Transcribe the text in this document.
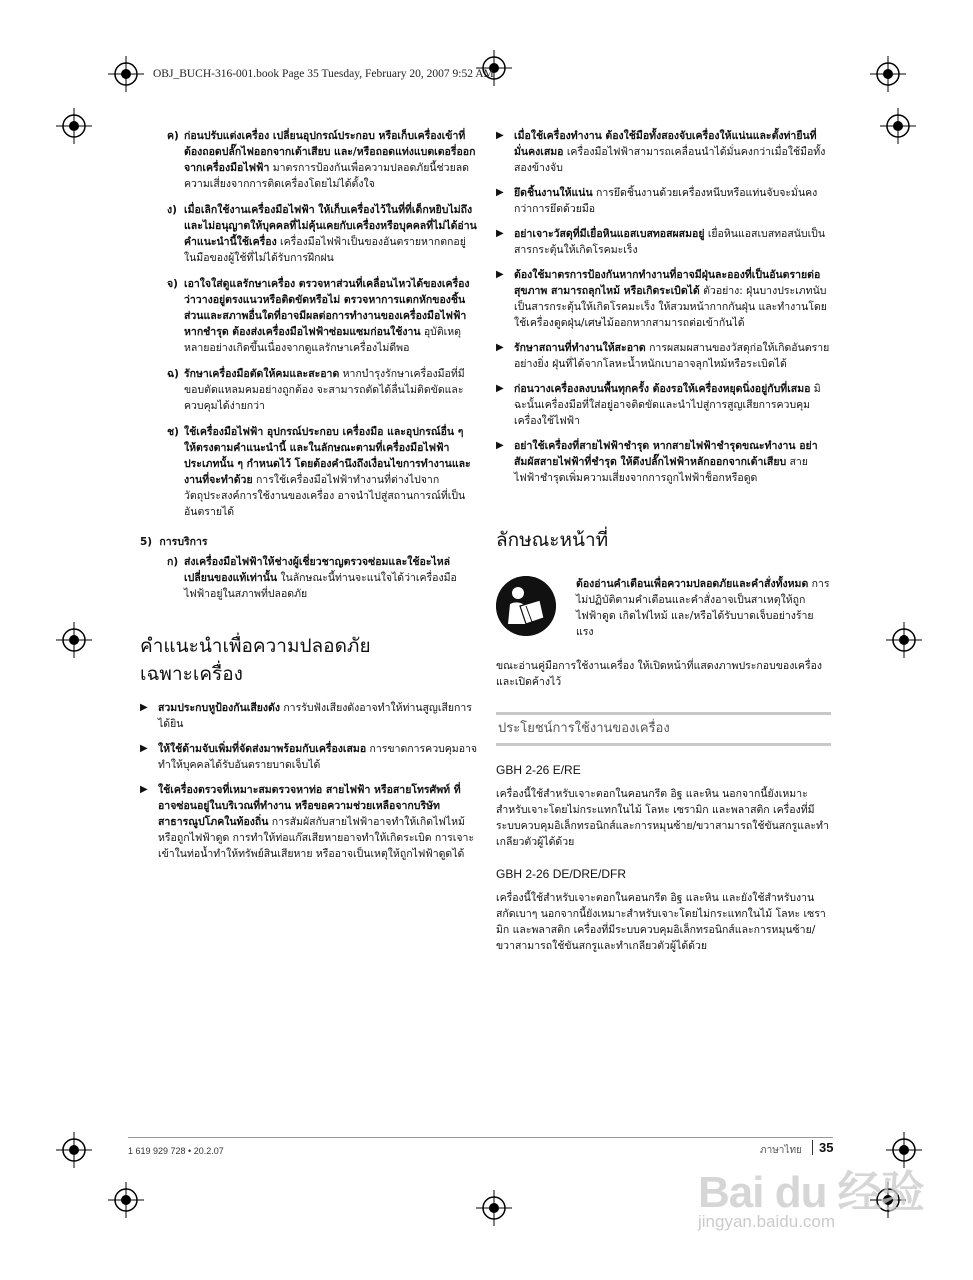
OBJ_BUCH-316-001.book Page 35 Tuesday, February 20, 2007 9:52 AM
ค) ก่อนปรับแต่งเครื่อง เปลี่ยนอุปกรณ์ประกอบ หรือเก็บเครื่องเข้าที่ ต้องถอดปลั๊กไฟออกจากเต้าเสียบ และ/หรือถอดแท่งแบตเตอรี่ออกจากเครื่องมือไฟฟ้า มาตรการป้องกันเพื่อความปลอดภัยนี้ช่วยลดความเสี่ยงจากการติดเครื่องโดยไม่ได้ตั้งใจ
ง) เมื่อเลิกใช้งานเครื่องมือไฟฟ้า ให้เก็บเครื่องไว้ในที่ที่เด็กหยิบไม่ถึง และไม่อนุญาตให้บุคคลที่ไม่คุ้นเคยกับเครื่องหรือบุคคลที่ไม่ได้อ่านคำแนะนำนี้ใช้เครื่อง เครื่องมือไฟฟ้าเป็นของอันตรายหากตกอยู่ในมือของผู้ใช้ที่ไม่ได้รับการฝึกฝน
จ) เอาใจใส่ดูแลรักษาเครื่อง ตรวจหาส่วนที่เคลื่อนไหวได้ของเครื่องว่าวางอยู่ตรงแนวหรือติดขัดหรือไม่ ตรวจหาการแตกหักของชิ้นส่วนและสภาพอื่นใดที่อาจมีผลต่อการทำงานของเครื่องมือไฟฟ้า หากชำรุด ต้องส่งเครื่องมือไฟฟ้าซ่อมแซมก่อนใช้งาน อุบัติเหตุหลายอย่างเกิดขึ้นเนื่องจากดูแลรักษาเครื่องไม่ดีพอ
ฉ) รักษาเครื่องมือตัดให้คมและสะอาด หากบำรุงรักษาเครื่องมือที่มีขอบตัดแหลมคมอย่างถูกต้อง จะสามารถตัดได้ลื่นไม่ติดขัดและควบคุมได้ง่ายกว่า
ช) ใช้เครื่องมือไฟฟ้า อุปกรณ์ประกอบ เครื่องมือ และอุปกรณ์อื่น ๆ ให้ตรงตามคำแนะนำนี้ และในลักษณะตามที่เครื่องมือไฟฟ้าประเภทนั้น ๆ กำหนดไว้ โดยต้องคำนึงถึงเงื่อนไขการทำงานและงานที่จะทำด้วย การใช้เครื่องมือไฟฟ้าทำงานที่ต่างไปจากวัตถุประสงค์การใช้งานของเครื่อง อาจนำไปสู่สถานการณ์ที่เป็นอันตรายได้
5) การบริการ
ก) ส่งเครื่องมือไฟฟ้าให้ช่างผู้เชี่ยวชาญตรวจซ่อมและใช้อะไหล่เปลี่ยนของแท้เท่านั้น ในลักษณะนี้ท่านจะแน่ใจได้ว่าเครื่องมือไฟฟ้าอยู่ในสภาพที่ปลอดภัย
คำแนะนำเพื่อความปลอดภัย
เฉพาะเครื่อง
▶ สวมประกบหูป้องกันเสียงดัง การรับฟังเสียงดังอาจทำให้ท่านสูญเสียการได้ยิน
▶ ให้ใช้ด้ามจับเพิ่มที่จัดส่งมาพร้อมกับเครื่องเสมอ การขาดการควบคุมอาจทำให้บุคคลได้รับอันตรายบาดเจ็บได้
▶ ใช้เครื่องตรวจที่เหมาะสมตรวจหาท่อ สายไฟฟ้า หรือสายโทรศัพท์ ที่อาจซ่อนอยู่ในบริเวณที่ทำงาน หรือขอความช่วยเหลือจากบริษัทสาธารณูปโภคในท้องถิ่น การสัมผัสกับสายไฟฟ้าอาจทำให้เกิดไฟไหม้หรือถูกไฟฟ้าดูด การทำให้ท่อแก๊สเสียหายอาจทำให้เกิดระเบิด การเจาะเข้าในท่อน้ำทำให้ทรัพย์สินเสียหาย หรืออาจเป็นเหตุให้ถูกไฟฟ้าดูดได้
▶ เมื่อใช้เครื่องทำงาน ต้องใช้มือทั้งสองจับเครื่องให้แน่นและตั้งท่ายืนที่มั่นคงเสมอ เครื่องมือไฟฟ้าสามารถเคลื่อนนำได้มั่นคงกว่าเมื่อใช้มือทั้งสองข้างจับ
▶ ยึดชิ้นงานให้แน่น การยึดชิ้นงานด้วยเครื่องหนีบหรือแท่นจับจะมั่นคงกว่าการยึดด้วยมือ
▶ อย่าเจาะวัสดุที่มีเยื่อหินแอสเบสทอสผสมอยู่ เยื่อหินแอสเบสทอสนับเป็นสารกระตุ้นให้เกิดโรคมะเร็ง
▶ ต้องใช้มาตรการป้องกันหากทำงานที่อาจมีฝุ่นละอองที่เป็นอันตรายต่อสุขภาพ สามารถลุกไหม้ หรือเกิดระเบิดได้ ตัวอย่าง: ฝุ่นบางประเภทนับเป็นสารกระตุ้นให้เกิดโรคมะเร็ง ให้สวมหน้ากากกันฝุ่น และทำงานโดยใช้เครื่องดูดฝุ่น/เศษไม้ออกหากสามารถต่อเข้ากันได้
▶ รักษาสถานที่ทำงานให้สะอาด การผสมผสานของวัสดุก่อให้เกิดอันตรายอย่างยิ่ง ฝุ่นที่ได้จากโลหะน้ำหนักเบาอาจลุกไหม้หรือระเบิดได้
▶ ก่อนวางเครื่องลงบนพื้นทุกครั้ง ต้องรอให้เครื่องหยุดนิ่งอยู่กับที่เสมอ มิฉะนั้นเครื่องมือที่ใส่อยู่อาจติดขัดและนำไปสู่การสูญเสียการควบคุมเครื่องใช้ไฟฟ้า
▶ อย่าใช้เครื่องที่สายไฟฟ้าชำรุด หากสายไฟฟ้าชำรุดขณะทำงาน อย่าสัมผัสสายไฟฟ้าที่ชำรุด ให้ดึงปลั๊กไฟฟ้าหลักออกจากเต้าเสียบ สายไฟฟ้าชำรุดเพิ่มความเสี่ยงจากการถูกไฟฟ้าช็อกหรือดูด
ลักษณะหน้าที่
ต้องอ่านคำเตือนเพื่อความปลอดภัยและคำสั่งทั้งหมด การไม่ปฏิบัติตามคำเตือนและคำสั่งอาจเป็นสาเหตุให้ถูกไฟฟ้าดูด เกิดไฟไหม้ และ/หรือได้รับบาดเจ็บอย่างร้ายแรง
ขณะอ่านคู่มือการใช้งานเครื่อง ให้เปิดหน้าที่แสดงภาพประกอบของเครื่องและเปิดค้างไว้
ประโยชน์การใช้งานของเครื่อง
GBH 2-26 E/RE
เครื่องนี้ใช้สำหรับเจาะตอกในคอนกรีต อิฐ และหิน นอกจากนี้ยังเหมาะสำหรับเจาะโดยไม่กระแทกในไม้ โลหะ เซรามิก และพลาสติก เครื่องที่มีระบบควบคุมอิเล็กทรอนิกส์และการหมุนซ้าย/ขวาสามารถใช้ขันสกรูและทำเกลียวตัวผู้ได้ด้วย
GBH 2-26 DE/DRE/DFR
เครื่องนี้ใช้สำหรับเจาะตอกในคอนกรีต อิฐ และหิน และยังใช้สำหรับงานสกัดเบาๆ นอกจากนี้ยังเหมาะสำหรับเจาะโดยไม่กระแทกในไม้ โลหะ เซรามิก และพลาสติก เครื่องที่มีระบบควบคุมอิเล็กทรอนิกส์และการหมุนซ้าย/ขวาสามารถใช้ขันสกรูและทำเกลียวตัวผู้ได้ด้วย
1 619 929 728 • 20.2.07	ภาษาไทย	35
Bai du 经验
jingyan.baidu.com
